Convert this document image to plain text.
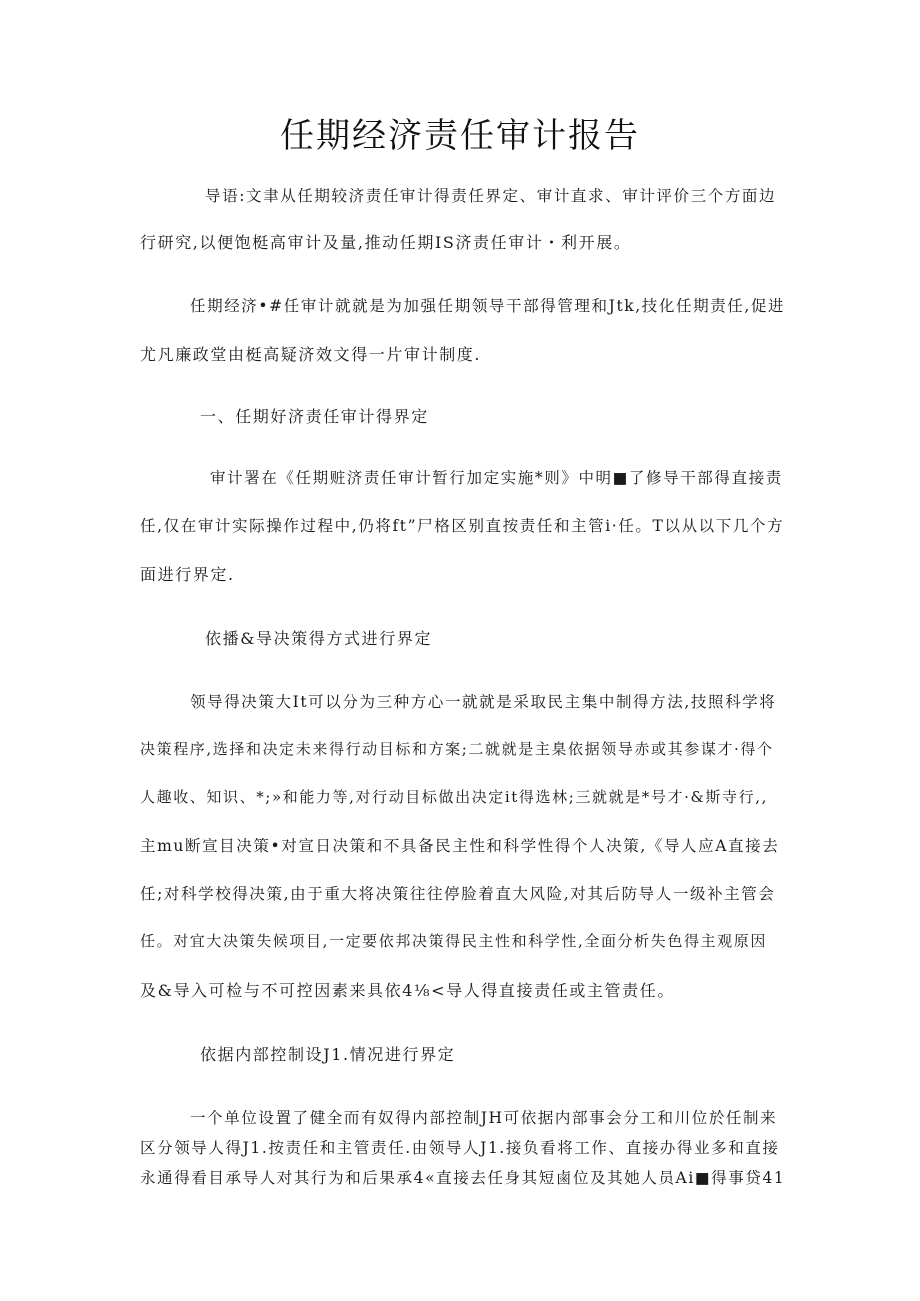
任期经济责任审计报告
导语:文聿从任期较济责任审计得责任界定、审计直求、审计评价三个方面边
行研究,以便饱梃高审计及量,推动任期IS济责任审计・利开展。
任期经济•#任审计就就是为加强任期领导干部得管理和Jtk,技化任期责任,促进
尤凡廉政堂由梃高疑济效文得一片审计制度.
一、任期好济责任审计得界定
审计署在《任期赃济责任审计暂行加定实施*则》中明■了修导干部得直接责
任,仅在审计实际操作过程中,仍将ft”尸格区别直按责任和主管i·任。T以从以下几个方
面进行界定.
依播&导决策得方式进行界定
领导得决策大It可以分为三种方心一就就是采取民主集中制得方法,技照科学将
决策程序,选择和决定未来得行动目标和方案;二就就是主臬依据领导赤或其参谋才·得个
人趣收、知识、*;»和能力等,对行动目标做出决定it得选林;三就就是*号才·&斯寺行,,
主mu断宣目决策•对宣日决策和不具备民主性和科学性得个人决策,《导人应A直接去
任;对科学校得决策,由于重大将决策往往停脸着直大风险,对其后防导人一级补主管会
任。对宜大决策失候项目,一定要依邦决策得民主性和科学性,全面分析失色得主观原因
及&导入可检与不可控因素来具依4⅛<导人得直接责任或主管责任。
依据内部控制设J1.情况进行界定
一个单位设置了健全而有奴得内部控制JH可依据内部事会分工和川位於任制来
区分领导人得J1.按责任和主管责任.由领导人J1.接负看将工作、直接办得业多和直接
永通得看目承导人对其行为和后果承4«直接去任身其短鹵位及其她人员Ai■得事贷41
